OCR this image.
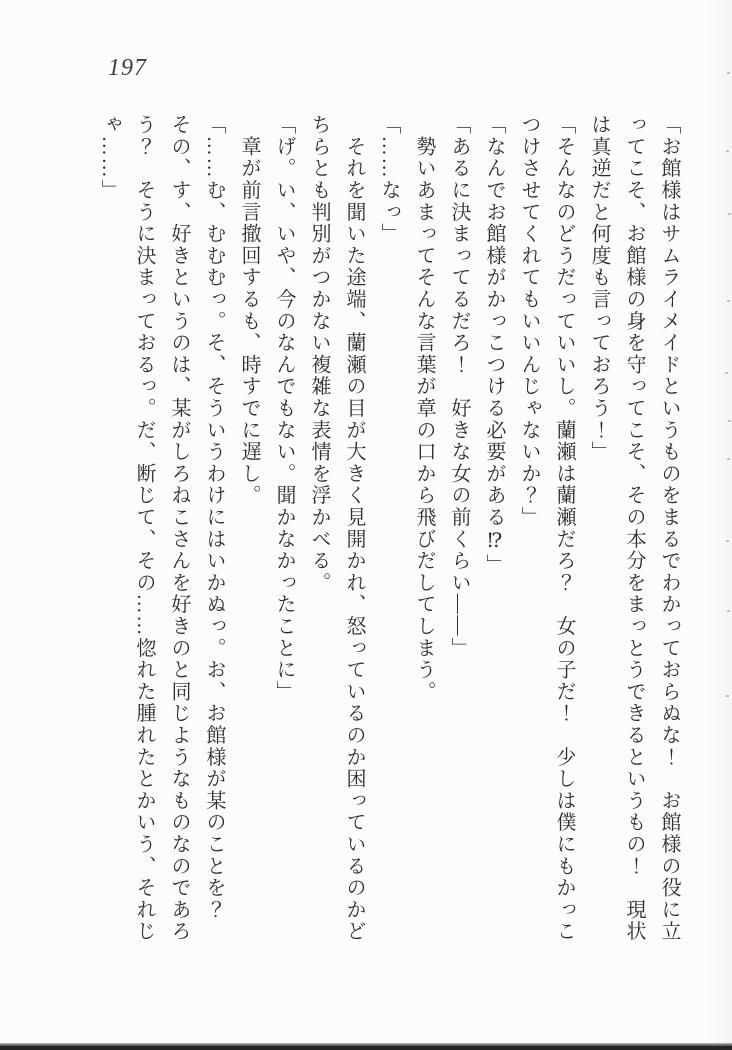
197

「お館様はサムライメイドというものをまるでわかっておらぬな！　お館様の役に立

ってこそ、お館様の身を守ってこそ、その本分をまっとうできるというもの！　現状

は真逆だと何度も言っておろう！」

「そんなのどうだっていいし。蘭瀬は蘭瀬だろ？　女の子だ！　少しは僕にもかっこ

つけさせてくれてもいいんじゃないか？」

「なんでお館様がかっこつける必要がある⁉」

「あるに決まってるだろ！　好きな女の前くらい――」

　勢いあまってそんな言葉が章の口から飛びだしてしまう。

「……なっ」

　それを聞いた途端、蘭瀬の目が大きく見開かれ、怒っているのか困っているのかど

ちらとも判別がつかない複雑な表情を浮かべる。

「げ。い、いや、今のなんでもない。聞かなかったことに」

　章が前言撤回するも、時すでに遅し。

「……む、むむむっ。そ、そういうわけにはいかぬっ。お、お館様が某のことを？

その、す、好きというのは、某がしろねこさんを好きのと同じようなものなのであろ

う？　そうに決まっておるっ。だ、断じて、その……惚れた腫れたとかいう、それじ

ゃ……」
